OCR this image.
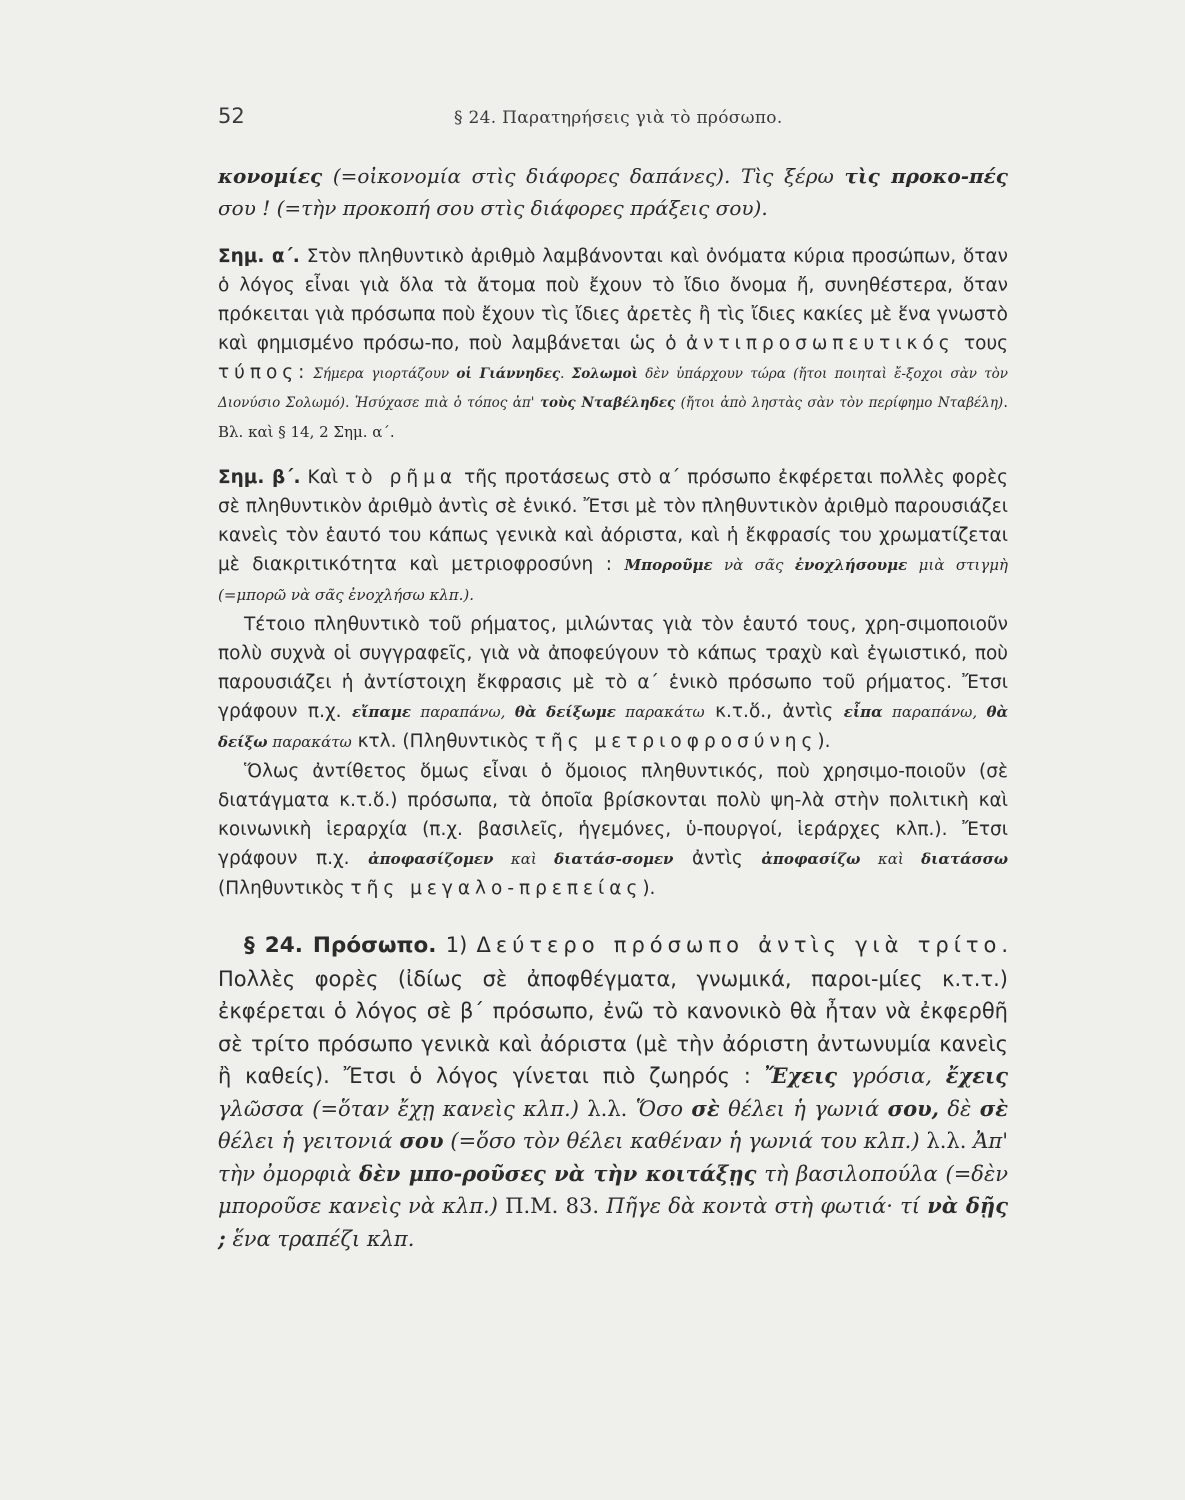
52	§ 24. Παρατηρήσεις γιὰ τὸ πρόσωπο.

κονομίες (=οἰκονομία στὶς διάφορες δαπάνες). Τὶς ξέρω τὶς προκο-πές σου ! (=τὴν προκοπή σου στὶς διάφορες πράξεις σου).

Σημ. α΄. Στὸν πληθυντικὸ ἀριθμὸ λαμβάνονται καὶ ὀνόματα κύρια προσώπων, ὅταν ὁ λόγος εἶναι γιὰ ὅλα τὰ ἄτομα ποὺ ἔχουν τὸ ἴδιο ὄνομα ἤ, συνηθέστερα, ὅταν πρόκειται γιὰ πρόσωπα ποὺ ἔχουν τὶς ἴδιες ἀρετὲς ἢ τὶς ἴδιες κακίες μὲ ἕνα γνωστὸ καὶ φημισμένο πρόσω-πο, ποὺ λαμβάνεται ὡς ὁ ἀντιπροσωπευτικός τους τύπος: Σήμερα γιορτάζουν οἱ Γιάννηδες. Σολωμοὶ δὲν ὑπάρχουν τώρα (ἤτοι ποιηταὶ ἔ-ξοχοι σὰν τὸν Διονύσιο Σολωμό). Ἡσύχασε πιὰ ὁ τόπος ἀπ' τοὺς Νταβέληδες (ἤτοι ἀπὸ ληστὰς σὰν τὸν περίφημο Νταβέλη). Βλ. καὶ § 14, 2 Σημ. α΄.

Σημ. β΄. Καὶ τὸ ρῆμα τῆς προτάσεως στὸ α΄ πρόσωπο ἐκφέρεται πολλὲς φορὲς σὲ πληθυντικὸν ἀριθμὸ ἀντὶς σὲ ἑνικό. Ἔτσι μὲ τὸν πληθυντικὸν ἀριθμὸ παρουσιάζει κανεὶς τὸν ἑαυτό του κάπως γενικὰ καὶ ἀόριστα, καὶ ἡ ἔκφρασίς του χρωματίζεται μὲ διακριτικότητα καὶ μετριοφροσύνη : Μποροῦμε νὰ σᾶς ἐνοχλήσουμε μιὰ στιγμὴ (=μπορῶ νὰ σᾶς ἐνοχλήσω κλπ.).

Τέτοιο πληθυντικὸ τοῦ ρήματος, μιλώντας γιὰ τὸν ἑαυτό τους, χρη-σιμοποιοῦν πολὺ συχνὰ οἱ συγγραφεῖς, γιὰ νὰ ἀποφεύγουν τὸ κάπως τραχὺ καὶ ἐγωιστικό, ποὺ παρουσιάζει ἡ ἀντίστοιχη ἔκφρασις μὲ τὸ α΄ ἑνικὸ πρόσωπο τοῦ ρήματος. Ἔτσι γράφουν π.χ. εἴπαμε παραπάνω, θὰ δείξωμε παρακάτω κ.τ.ὅ., ἀντὶς εἶπα παραπάνω, θὰ δείξω παρακάτω κτλ. (Πληθυντικὸς τῆς μετριοφροσύνης).

Ὅλως ἀντίθετος ὅμως εἶναι ὁ ὅμοιος πληθυντικός, ποὺ χρησιμο-ποιοῦν (σὲ διατάγματα κ.τ.ὅ.) πρόσωπα, τὰ ὁποῖα βρίσκονται πολὺ ψη-λὰ στὴν πολιτικὴ καὶ κοινωνικὴ ἱεραρχία (π.χ. βασιλεῖς, ἡγεμόνες, ὑ-πουργοί, ἱεράρχες κλπ.). Ἔτσι γράφουν π.χ. ἀποφασίζομεν καὶ διατάσ-σομεν ἀντὶς ἀποφασίζω καὶ διατάσσω (Πληθυντικὸς τῆς μεγαλο-πρεπείας).

§ 24. Πρόσωπο. 1) Δεύτερο πρόσωπο ἀντὶς γιὰ τρίτο. Πολλὲς φορὲς (ἰδίως σὲ ἀποφθέγματα, γνωμικά, παροι-μίες κ.τ.τ.) ἐκφέρεται ὁ λόγος σὲ β΄ πρόσωπο, ἐνῶ τὸ κανονικὸ θὰ ἦταν νὰ ἐκφερθῆ σὲ τρίτο πρόσωπο γενικὰ καὶ ἀόριστα (μὲ τὴν ἀόριστη ἀντωνυμία κανεὶς ἢ καθείς). Ἔτσι ὁ λόγος γίνεται πιὸ ζωηρός : Ἔχεις γρόσια, ἔχεις γλῶσσα (=ὅταν ἔχῃ κανεὶς κλπ.) λ.λ. Ὅσο σὲ θέλει ἡ γωνιά σου, δὲ σὲ θέλει ἡ γειτονιά σου (=ὅσο τὸν θέλει καθέναν ἡ γωνιά του κλπ.) λ.λ. Ἀπ' τὴν ὀμορφιὰ δὲν μπο-ροῦσες νὰ τὴν κοιτάξῃς τὴ βασιλοπούλα (=δὲν μποροῦσε κανεὶς νὰ κλπ.) Π.Μ. 83. Πῆγε δὰ κοντὰ στὴ φωτιά· τί νὰ δῇς ; ἕνα τραπέζι κλπ.
